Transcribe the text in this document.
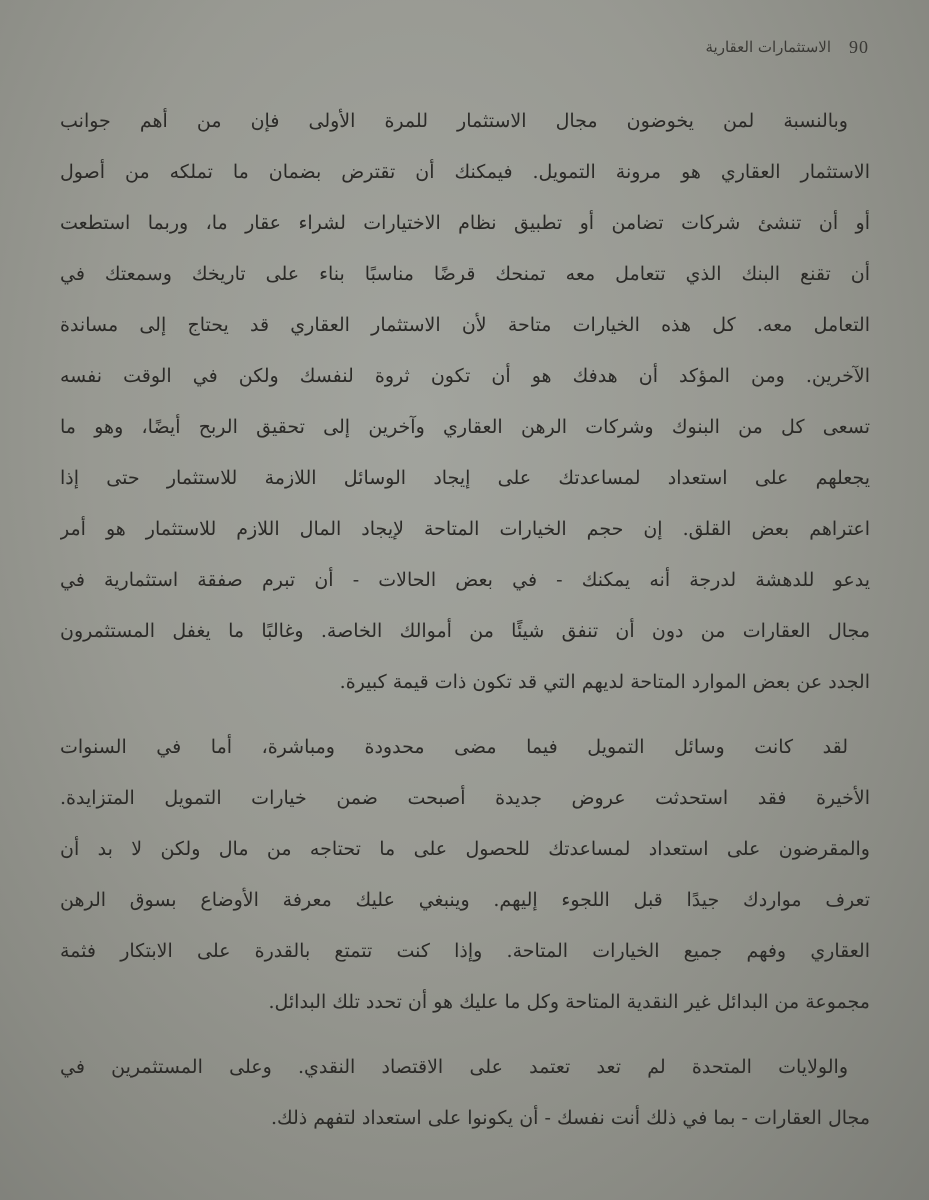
90
الاستثمارات العقارية
وبالنسبة لمن يخوضون مجال الاستثمار للمرة الأولى فإن من أهم جوانب
الاستثمار العقاري هو مرونة التمويل. فيمكنك أن تقترض بضمان ما تملكه من أصول
أو أن تنشئ شركات تضامن أو تطبيق نظام الاختيارات لشراء عقار ما، وربما استطعت
أن تقنع البنك الذي تتعامل معه تمنحك قرضًا مناسبًا بناء على تاريخك وسمعتك في
التعامل معه. كل هذه الخيارات متاحة لأن الاستثمار العقاري قد يحتاج إلى مساندة
الآخرين. ومن المؤكد أن هدفك هو أن تكون ثروة لنفسك ولكن في الوقت نفسه
تسعى كل من البنوك وشركات الرهن العقاري وآخرين إلى تحقيق الربح أيضًا، وهو ما
يجعلهم على استعداد لمساعدتك على إيجاد الوسائل اللازمة للاستثمار حتى إذا
اعتراهم بعض القلق. إن حجم الخيارات المتاحة لإيجاد المال اللازم للاستثمار هو أمر
يدعو للدهشة لدرجة أنه يمكنك - في بعض الحالات - أن تبرم صفقة استثمارية في
مجال العقارات من دون أن تنفق شيئًا من أموالك الخاصة. وغالبًا ما يغفل المستثمرون
الجدد عن بعض الموارد المتاحة لديهم التي قد تكون ذات قيمة كبيرة.
لقد كانت وسائل التمويل فيما مضى محدودة ومباشرة، أما في السنوات
الأخيرة فقد استحدثت عروض جديدة أصبحت ضمن خيارات التمويل المتزايدة.
والمقرضون على استعداد لمساعدتك للحصول على ما تحتاجه من مال ولكن لا بد أن
تعرف مواردك جيدًا قبل اللجوء إليهم. وينبغي عليك معرفة الأوضاع بسوق الرهن
العقاري وفهم جميع الخيارات المتاحة. وإذا كنت تتمتع بالقدرة على الابتكار فثمة
مجموعة من البدائل غير النقدية المتاحة وكل ما عليك هو أن تحدد تلك البدائل.
والولايات المتحدة لم تعد تعتمد على الاقتصاد النقدي. وعلى المستثمرين في
مجال العقارات - بما في ذلك أنت نفسك - أن يكونوا على استعداد لتفهم ذلك.
